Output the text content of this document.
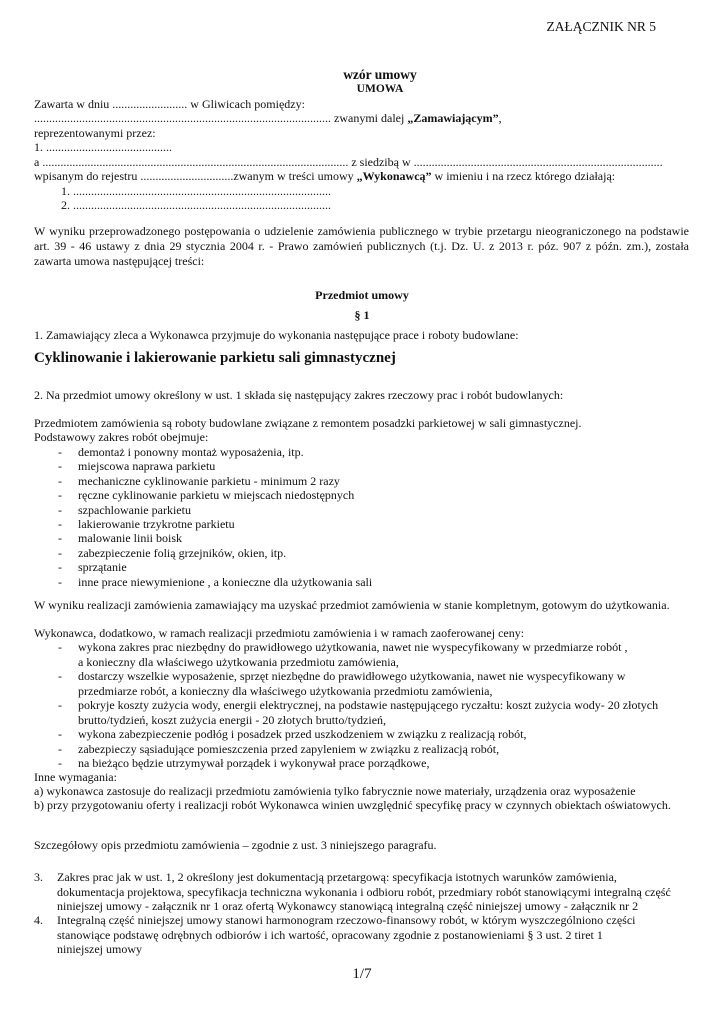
ZAŁĄCZNIK NR 5
wzór umowy
UMOWA
Zawarta w dniu ......................... w Gliwicach pomiędzy:
................................................................................................... zwanymi dalej „Zamawiającym”,
reprezentowanymi przez:
1. ..........................................
a ...................................................................................................... z siedzibą w ...................................................................................
wpisanym do rejestru ...............................zwanym w treści umowy „Wykonawcą” w imieniu i na rzecz którego działają:
1. ......................................................................................
2. ......................................................................................
W wyniku przeprowadzonego postępowania o udzielenie zamówienia publicznego w trybie przetargu nieograniczonego na podstawie art. 39 - 46 ustawy z dnia 29 stycznia 2004 r. - Prawo zamówień publicznych (t.j. Dz. U. z 2013 r. póz. 907 z późn. zm.), została zawarta umowa następującej treści:
Przedmiot umowy
§ 1
1. Zamawiający zleca a Wykonawca przyjmuje do wykonania następujące prace i roboty budowlane:
Cyklinowanie i lakierowanie parkietu sali gimnastycznej
2. Na przedmiot umowy określony w ust. 1 składa się następujący zakres rzeczowy prac i robót budowlanych:
Przedmiotem zamówienia są roboty budowlane związane z remontem posadzki parkietowej w sali gimnastycznej.
Podstawowy zakres robót obejmuje:
- demontaż i ponowny montaż wyposażenia, itp.
- miejscowa naprawa parkietu
- mechaniczne cyklinowanie parkietu - minimum 2 razy
- ręczne cyklinowanie parkietu w miejscach niedostępnych
- szpachlowanie parkietu
- lakierowanie trzykrotne parkietu
- malowanie linii boisk
- zabezpieczenie folią grzejników, okien, itp.
- sprzątanie
- inne prace niewymienione , a konieczne dla użytkowania sali
W wyniku realizacji zamówienia zamawiający ma uzyskać przedmiot zamówienia w stanie kompletnym, gotowym do użytkowania.
Wykonawca, dodatkowo, w ramach realizacji przedmiotu zamówienia i w ramach zaoferowanej ceny:
- wykona zakres prac niezbędny do prawidłowego użytkowania, nawet nie wyspecyfikowany w przedmiarze robót ,
a konieczny dla właściwego użytkowania przedmiotu zamówienia,
- dostarczy wszelkie wyposażenie, sprzęt niezbędne do prawidłowego użytkowania, nawet nie wyspecyfikowany w
przedmiarze robót, a konieczny dla właściwego użytkowania przedmiotu zamówienia,
- pokryje koszty zużycia wody, energii elektrycznej, na podstawie następującego ryczałtu: koszt zużycia wody- 20 złotych
brutto/tydzień, koszt zużycia energii - 20 złotych brutto/tydzień,
- wykona zabezpieczenie podłóg i posadzek przed uszkodzeniem w związku z realizacją robót,
- zabezpieczy sąsiadujące pomieszczenia przed zapyleniem w związku z realizacją robót,
- na bieżąco będzie utrzymywał porządek i wykonywał prace porządkowe,
Inne wymagania:
a) wykonawca zastosuje do realizacji przedmiotu zamówienia tylko fabrycznie nowe materiały, urządzenia oraz wyposażenie
b) przy przygotowaniu oferty i realizacji robót Wykonawca winien uwzględnić specyfikę pracy w czynnych obiektach oświatowych.
Szczegółowy opis przedmiotu zamówienia – zgodnie z ust. 3 niniejszego paragrafu.
3. Zakres prac jak w ust. 1, 2 określony jest dokumentacją przetargową: specyfikacja istotnych warunków zamówienia,
dokumentacja projektowa, specyfikacja techniczna wykonania i odbioru robót, przedmiary robót stanowiącymi integralną część
niniejszej umowy - załącznik nr 1 oraz ofertą Wykonawcy stanowiącą integralną część niniejszej umowy - załącznik nr 2
4. Integralną część niniejszej umowy stanowi harmonogram rzeczowo-finansowy robót, w którym wyszczególniono części
stanowiące podstawę odrębnych odbiorów i ich wartość, opracowany zgodnie z postanowieniami § 3 ust. 2 tiret 1
niniejszej umowy
1/7
